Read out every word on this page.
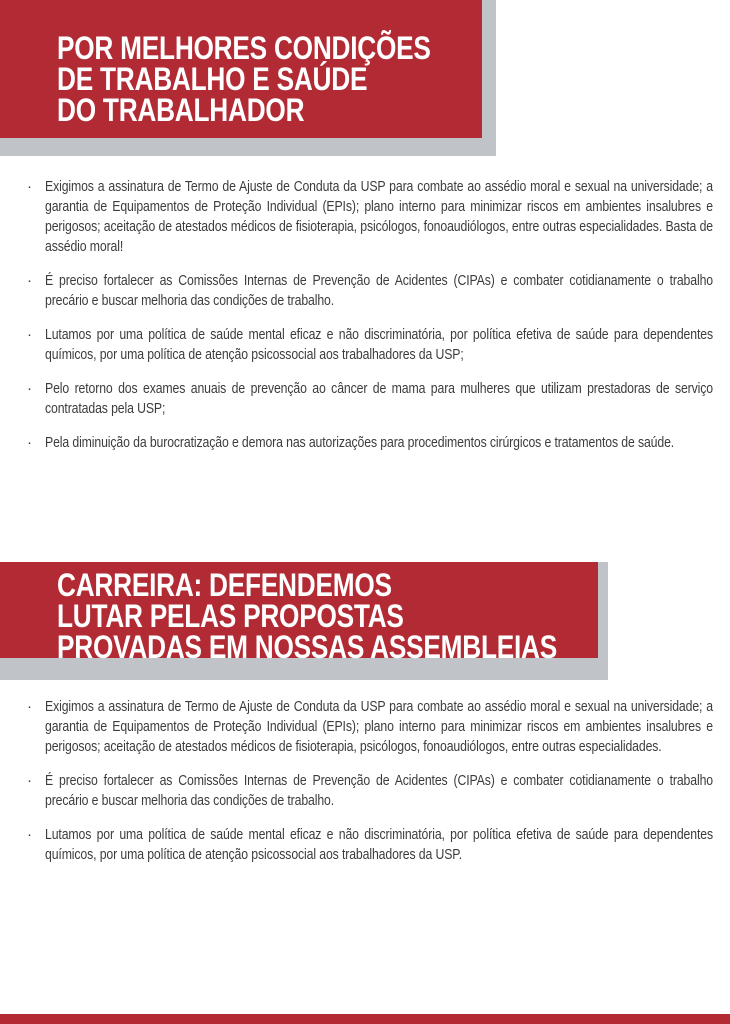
POR MELHORES CONDIÇÕES
DE TRABALHO E SAÚDE
DO TRABALHADOR
· Exigimos a assinatura de Termo de Ajuste de Conduta da USP para combate ao assédio moral e sexual na universidade; a garantia de Equipamentos de Proteção Individual (EPIs); plano interno para minimizar riscos em ambientes insalubres e perigosos; aceitação de atestados médicos de fisioterapia, psicólogos, fonoaudiólogos, entre outras especialidades. Basta de assédio moral!
· É preciso fortalecer as Comissões Internas de Prevenção de Acidentes (CIPAs) e combater cotidianamente o trabalho precário e buscar melhoria das condições de trabalho.
· Lutamos por uma política de saúde mental eficaz e não discriminatória, por política efetiva de saúde para dependentes químicos, por uma política de atenção psicossocial aos trabalhadores da USP;
· Pelo retorno dos exames anuais de prevenção ao câncer de mama para mulheres que utilizam prestadoras de serviço contratadas pela USP;
· Pela diminuição da burocratização e demora nas autorizações para procedimentos cirúrgicos e tratamentos de saúde.
CARREIRA: DEFENDEMOS
LUTAR PELAS PROPOSTAS
PROVADAS EM NOSSAS ASSEMBLEIAS
· Exigimos a assinatura de Termo de Ajuste de Conduta da USP para combate ao assédio moral e sexual na universidade; a garantia de Equipamentos de Proteção Individual (EPIs); plano interno para minimizar riscos em ambientes insalubres e perigosos; aceitação de atestados médicos de fisioterapia, psicólogos, fonoaudiólogos, entre outras especialidades.
· É preciso fortalecer as Comissões Internas de Prevenção de Acidentes (CIPAs) e combater cotidianamente o trabalho precário e buscar melhoria das condições de trabalho.
· Lutamos por uma política de saúde mental eficaz e não discriminatória, por política efetiva de saúde para dependentes químicos, por uma política de atenção psicossocial aos trabalhadores da USP.
